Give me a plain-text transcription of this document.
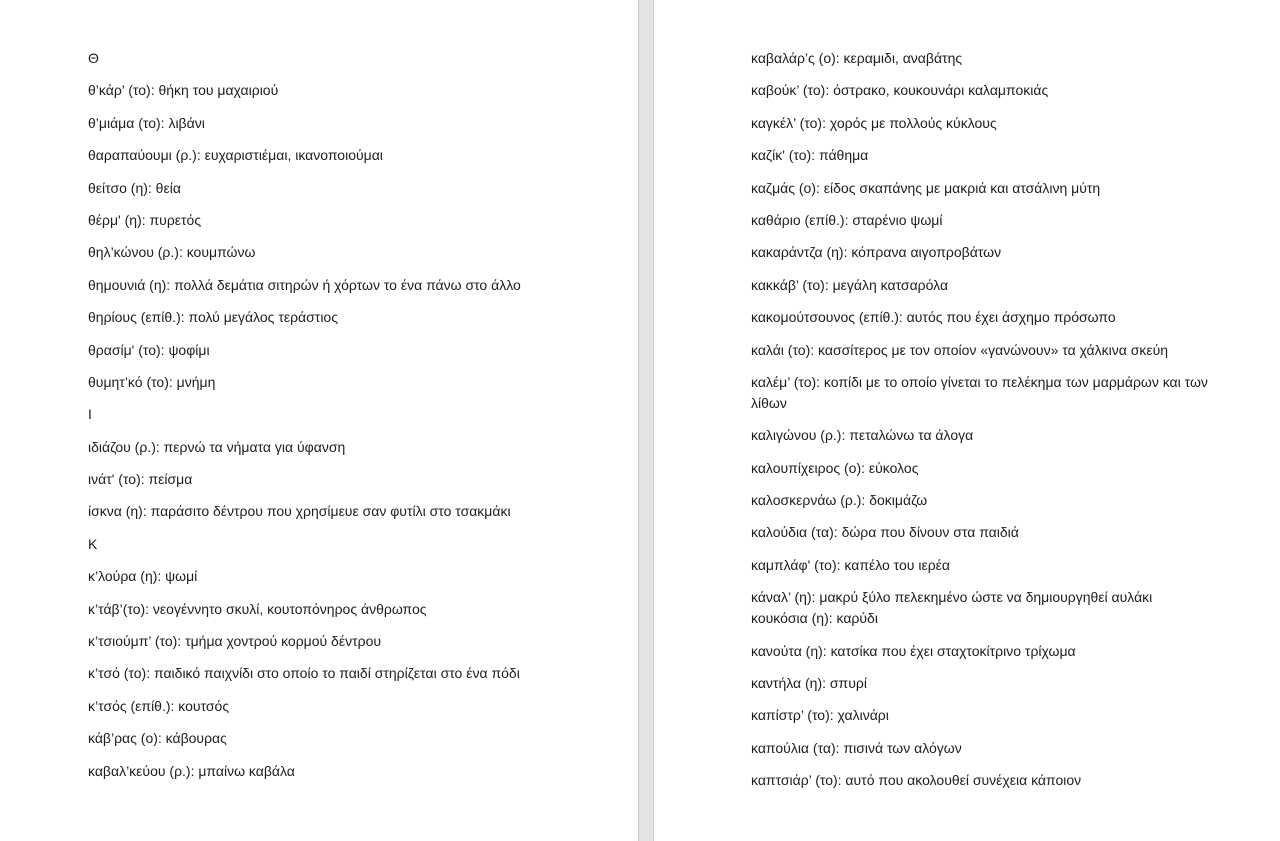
Θ

θ’κάρ’ (το): θήκη του μαχαιριού

θ’μιάμα (το): λιβάνι

θαραπαύουμι (ρ.): ευχαριστιέμαι, ικανοποιούμαι

θείτσο (η): θεία

θέρμ' (η): πυρετός

θηλ’κώνου (ρ.): κουμπώνω

θημουνιά (η): πολλά δεμάτια σιτηρών ή χόρτων το ένα πάνω στο άλλο

θηρίους (επίθ.): πολύ μεγάλος τεράστιος

θρασίμ' (το): ψοφίμι

θυμητ’κό (το): μνήμη

Ι

ιδιάζου (ρ.): περνώ τα νήματα για ύφανση

ινάτ' (το): πείσμα

ίσκνα (η): παράσιτο δέντρου που χρησίμευε σαν φυτίλι στο τσακμάκι

Κ

κ’λούρα (η): ψωμί

κ’τάβ’(το): νεογέννητο σκυλί, κουτοπόνηρος άνθρωπος

κ’τσιούμπ’ (το): τμήμα χοντρού κορμού δέντρου

κ’τσό (το): παιδικό παιχνίδι στο οποίο το παιδί στηρίζεται στο ένα πόδι

κ’τσός (επίθ.): κουτσός

κάβ’ρας (ο): κάβουρας

καβαλ’κεύου (ρ.): μπαίνω καβάλα

καβαλάρ’ς (ο): κεραμιδι, αναβάτης

καβούκ’ (το): όστρακο, κουκουνάρι καλαμποκιάς

καγκέλ’ (το): χορός με πολλούς κύκλους

καζίκ' (το): πάθημα

καζμάς (ο): είδος σκαπάνης με μακριά και ατσάλινη μύτη

καθάριο (επίθ.): σταρένιο ψωμί

κακαράντζα (η): κόπρανα αιγοπροβάτων

κακκάβ’ (το): μεγάλη κατσαρόλα

κακομούτσουνος (επίθ.): αυτός που έχει άσχημο πρόσωπο

καλάι (το): κασσίτερος με τον οποίον «γανώνουν» τα χάλκινα σκεύη

καλέμ’ (το): κοπίδι με το οποίο γίνεται το πελέκημα των μαρμάρων και των λίθων

καλιγώνου (ρ.): πεταλώνω τα άλογα

καλουπίχειρος (ο): εύκολος

καλοσκερνάω (ρ.): δοκιμάζω

καλούδια (τα): δώρα που δίνουν στα παιδιά

καμπλάφ' (το): καπέλο του ιερέα

κάναλ’ (η): μακρύ ξύλο πελεκημένο ώστε να δημιουργηθεί αυλάκι

κουκόσια (η): καρύδι

κανούτα (η): κατσίκα που έχει σταχτοκίτρινο τρίχωμα

καντήλα (η): σπυρί

καπίστρ’ (το): χαλινάρι

καπούλια (τα): πισινά των αλόγων

καπτσιάρ’ (το): αυτό που ακολουθεί συνέχεια κάποιον
